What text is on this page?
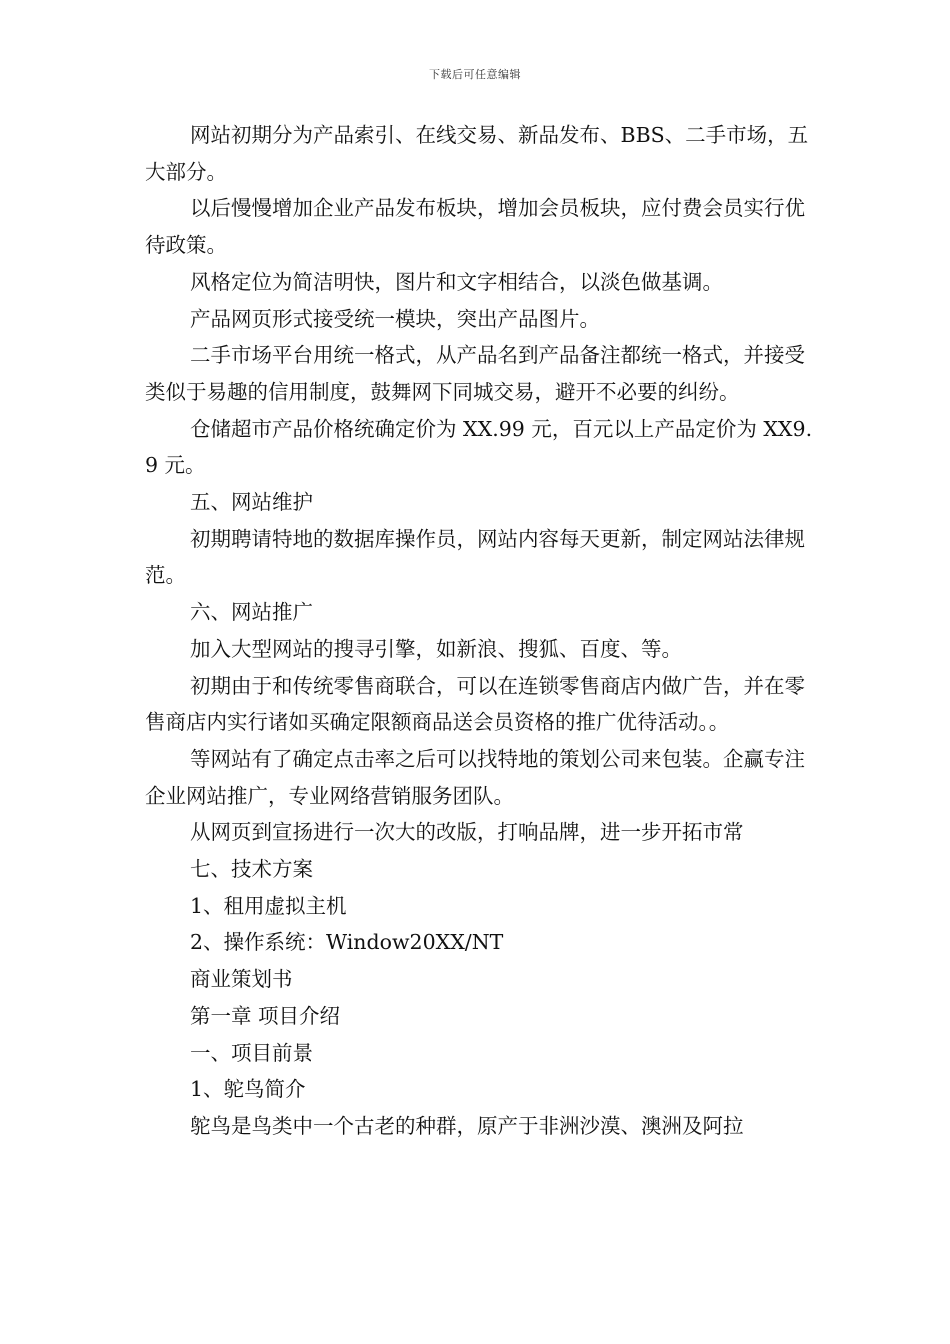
下载后可任意编辑

网站初期分为产品索引、在线交易、新品发布、BBS、二手市场，五大部分。

以后慢慢增加企业产品发布板块，增加会员板块，应付费会员实行优待政策。

风格定位为简洁明快，图片和文字相结合，以淡色做基调。

产品网页形式接受统一模块，突出产品图片。

二手市场平台用统一格式，从产品名到产品备注都统一格式，并接受类似于易趣的信用制度，鼓舞网下同城交易，避开不必要的纠纷。

仓储超市产品价格统确定价为 XX.99 元，百元以上产品定价为 XX9.9 元。

五、网站维护

初期聘请特地的数据库操作员，网站内容每天更新，制定网站法律规范。

六、网站推广

加入大型网站的搜寻引擎，如新浪、搜狐、百度、等。

初期由于和传统零售商联合，可以在连锁零售商店内做广告，并在零售商店内实行诸如买确定限额商品送会员资格的推广优待活动。。

等网站有了确定点击率之后可以找特地的策划公司来包装。企赢专注企业网站推广，专业网络营销服务团队。

从网页到宣扬进行一次大的改版，打响品牌，进一步开拓市常

七、技术方案

1、租用虚拟主机

2、操作系统：Window20XX/NT

商业策划书

第一章 项目介绍

一、项目前景

1、鸵鸟简介

鸵鸟是鸟类中一个古老的种群，原产于非洲沙漠、澳洲及阿拉
